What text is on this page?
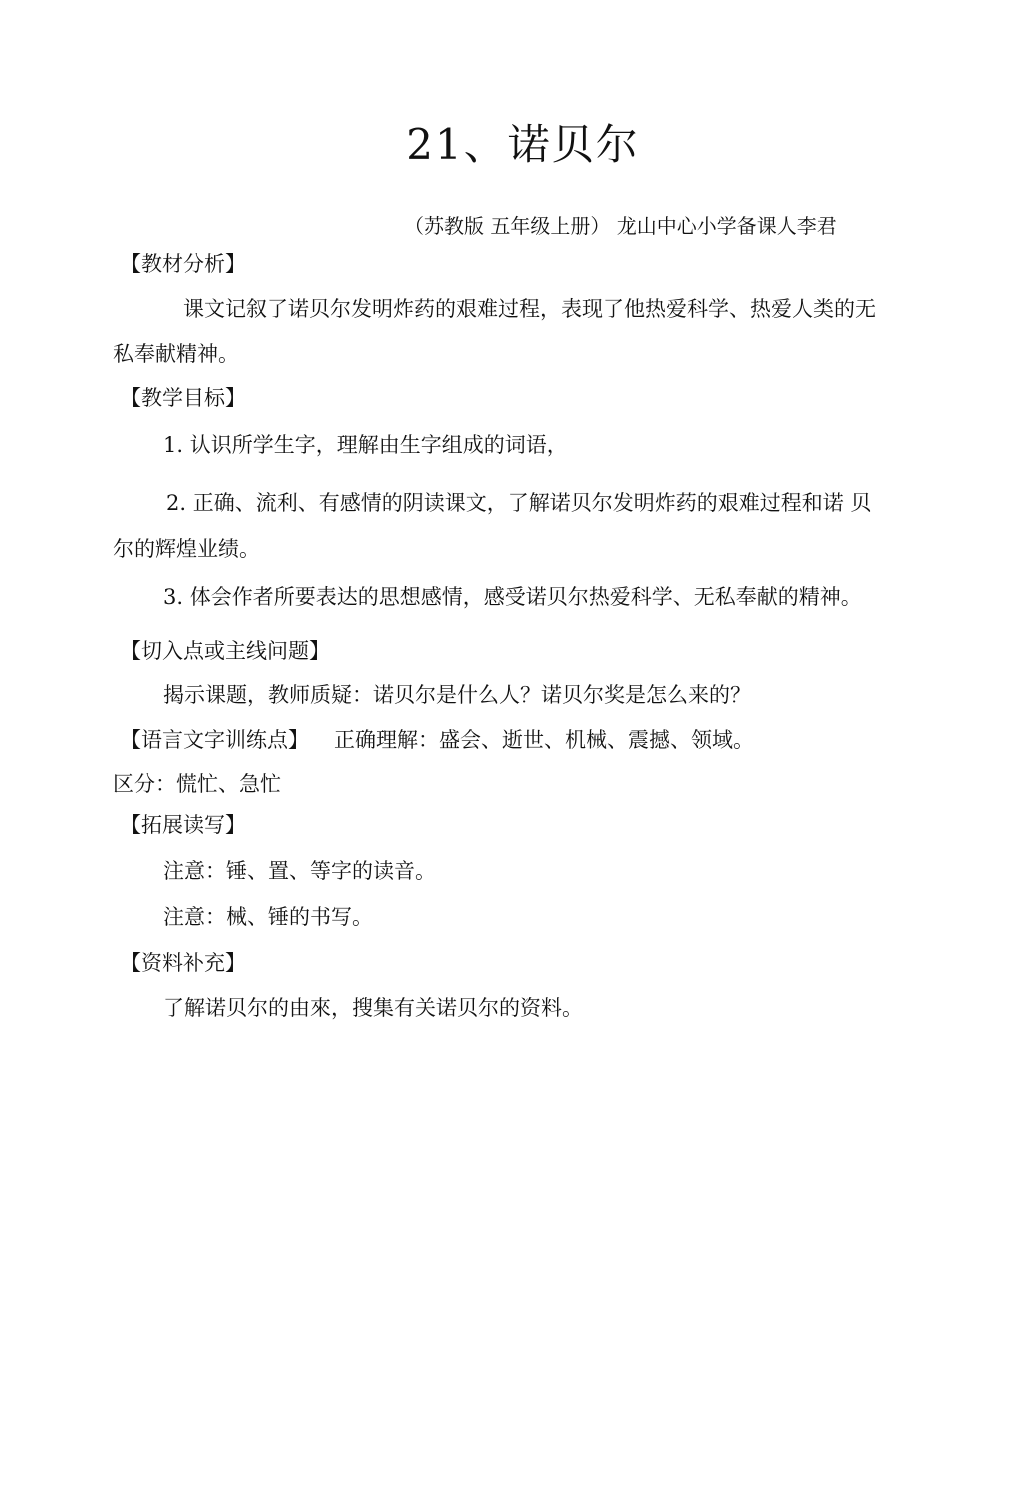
21、诺贝尔
（苏教版 五年级上册） 龙山中心小学备课人李君
【教材分析】
课文记叙了诺贝尔发明炸药的艰难过程，表现了他热爱科学、热爱人类的无
私奉献精神。
【教学目标】
1. 认识所学生字，理解由生字组成的词语，
2. 正确、流利、有感情的阴读课文，了解诺贝尔发明炸药的艰难过程和诺 贝
尔的辉煌业绩。
3. 体会作者所要表达的思想感情，感受诺贝尔热爱科学、无私奉献的精神。
【切入点或主线问题】
揭示课题，教师质疑：诺贝尔是什么人？诺贝尔奖是怎么来的？
【语言文字训练点】 正确理解：盛会、逝世、机械、震撼、领域。
区分：慌忙、急忙
【拓展读写】
注意：锤、置、等字的读音。
注意：械、锤的书写。
【资料补充】
了解诺贝尔的由來，搜集有关诺贝尔的资料。
